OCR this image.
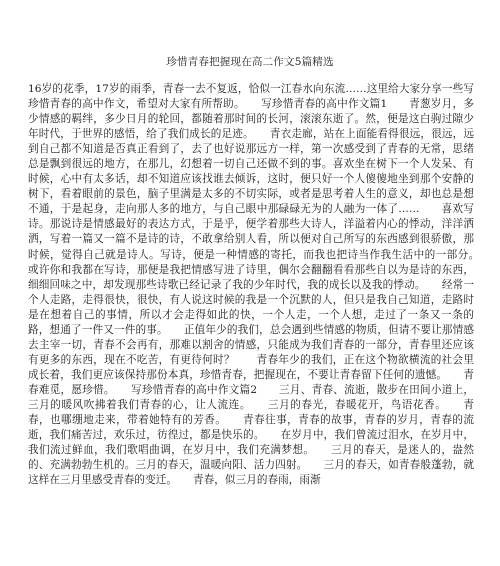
珍惜青春把握现在高二作文5篇精选
16岁的花季，17岁的雨季，青春一去不复返，恰似一江春水向东流……这里给大家分享一些写珍惜青春的高中作文，希望对大家有所帮助。　　写珍惜青春的高中作文篇1　　青葱岁月，多少情感的羁绊，多少日月的轮回，都随着那时间的长河，滚滚东逝了。然，便是这白驹过隙少年时代，于世界的感悟，给了我们成长的足迹。　　青衣走廊，站在上面能看得很远，很远，远到自己都不知道是否真正看到了，去了也好说那远方一样，第一次感受到了青春的无常，思绪总是飘到很远的地方，在那儿，幻想着一切自己还做不到的事。喜欢坐在树下一个人发呆、有时候，心中有太多话，却不知道应该找谁去倾诉，这时，便只好一个人傻傻地坐到那个安静的树下，看着眼前的景色，脑子里满是太多的不切实际，或者是思考着人生的意义，却也总是想不通，于是起身，走向那人多的地方，与自己眼中那碌碌无为的人融为一体了……　　喜欢写诗。那说诗是情感最好的表达方式，于是乎，便学着那些大诗人，洋溢着内心的悸动，洋洋洒洒，写着一篇又一篇不是诗的诗，不敢拿给别人看，所以便对自己所写的东西感到很骄傲，那时候，觉得自己就是诗人。写诗，便是一种情感的寄托，而我也把诗当作我生活中的一部分。　　或许你和我都在写诗，那便是我把情感写进了诗里，偶尔会翻翻看看那些自以为是诗的东西，细细回味之中，却发现那些诗歌已经记录了我的少年时代，我的成长以及我的悸动。　　经常一个人走路，走得很快，很快，有人说这时候的我是一个沉默的人，但只是我自己知道，走路时是在想着自己的事情，所以才会走得如此的快，一个人走，一个人想，走过了一条又一条的路，想通了一件又一件的事。　　正值年少的我们，总会遇到些情感的物质，但请不要让那情感去主宰一切，青春不会再有，那难以割舍的情感，只能成为我们青春的一部分，青春里还应该有更多的东西，现在不吃苦，有更待何时？　　青春年少的我们，正在这个物欲横流的社会里成长着，我们更应该保持那份本真，珍惜青春，把握现在，不要让青春留下任何的遗憾。　　青春难觅，愿珍惜。　　写珍惜青春的高中作文篇2　　三月、青春、流逝，散步在田间小道上，三月的暖风吹拂着我们青春的心，让人流连。　　三月的春光，春暖花开，鸟语花香。　　青春，也哪绷地走来，带着她特有的芳香。　　青春往事，青春的故事，青春的岁月，青春的流逝，我们痛苦过，欢乐过，彷徨过，都是快乐的。　　在岁月中，我们曾流过泪水，在岁月中，我们流过鲜血，我们歌唱曲调，在岁月中，我们充满梦想。　　三月的春天，是迷人的，盎然的、充满勃勃生机的。三月的春天，温暖向阳、活力四射。　　三月的春天，如青春般蓬勃，就这样在三月里感受青春的变迁。　　青春，似三月的春雨，雨渐
